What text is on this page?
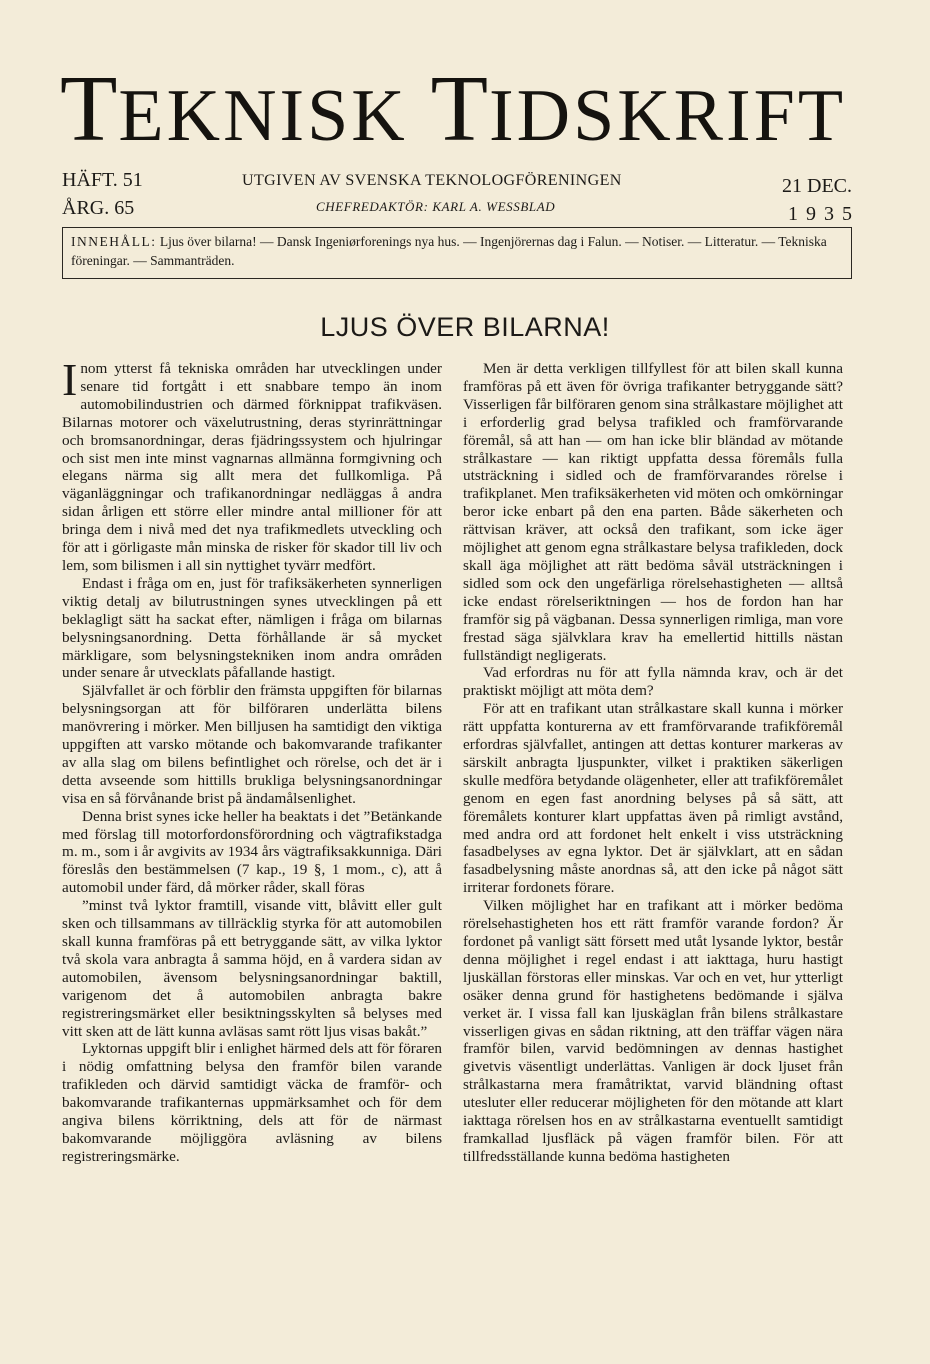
TEKNISK TIDSKRIFT
HÄFT. 51
ÅRG. 65
UTGIVEN AV SVENSKA TEKNOLOGFÖRENINGEN
CHEFREDAKTÖR: KARL A. WESSBLAD
21 DEC.
1935
INNEHÅLL: Ljus över bilarna! — Dansk Ingeniørforenings nya hus. — Ingenjörernas dag i Falun. — Notiser. — Litteratur. — Tekniska föreningar. — Sammanträden.
LJUS ÖVER BILARNA!

Inom ytterst få tekniska områden har utvecklingen under senare tid fortgått i ett snabbare tempo än inom automobilindustrien och därmed förknippat trafikväsen. Bilarnas motorer och växelutrustning, deras styrinrättningar och bromsanordningar, deras fjädringssystem och hjulringar och sist men inte minst vagnarnas allmänna formgivning och elegans närma sig allt mera det fullkomliga. På väganläggningar och trafikanordningar nedläggas å andra sidan årligen ett större eller mindre antal millioner för att bringa dem i nivå med det nya trafikmedlets utveckling och för att i görligaste mån minska de risker för skador till liv och lem, som bilismen i all sin nyttighet tyvärr medfört.

Endast i fråga om en, just för trafiksäkerheten synnerligen viktig detalj av bilutrustningen synes utvecklingen på ett beklagligt sätt ha sackat efter, nämligen i fråga om bilarnas belysningsanordning. Detta förhållande är så mycket märkligare, som belysningstekniken inom andra områden under senare år utvecklats påfallande hastigt.

Självfallet är och förblir den främsta uppgiften för bilarnas belysningsorgan att för bilföraren underlätta bilens manövrering i mörker. Men billjusen ha samtidigt den viktiga uppgiften att varsko mötande och bakomvarande trafikanter av alla slag om bilens befintlighet och rörelse, och det är i detta avseende som hittills brukliga belysningsanordningar visa en så förvånande brist på ändamålsenlighet.

Denna brist synes icke heller ha beaktats i det ”Betänkande med förslag till motorfordonsförordning och vägtrafikstadga m. m., som i år avgivits av 1934 års vägtrafiksakkunniga. Däri föreslås den bestämmelsen (7 kap., 19 §, 1 mom., c), att å automobil under färd, då mörker råder, skall föras

”minst två lyktor framtill, visande vitt, blåvitt eller gult sken och tillsammans av tillräcklig styrka för att automobilen skall kunna framföras på ett betryggande sätt, av vilka lyktor två skola vara anbragta å samma höjd, en å vardera sidan av automobilen, ävensom belysningsanordningar baktill, varigenom det å automobilen anbragta bakre registreringsmärket eller besiktningsskylten så belyses med vitt sken att de lätt kunna avläsas samt rött ljus visas bakåt.”

Lyktornas uppgift blir i enlighet härmed dels att för föraren i nödig omfattning belysa den framför bilen varande trafikleden och därvid samtidigt väcka de framför- och bakomvarande trafikanternas uppmärksamhet och för dem angiva bilens körriktning, dels att för de närmast bakomvarande möjliggöra avläsning av bilens registreringsmärke.

Men är detta verkligen tillfyllest för att bilen skall kunna framföras på ett även för övriga trafikanter betryggande sätt? Visserligen får bilföraren genom sina strålkastare möjlighet att i erforderlig grad belysa trafikled och framförvarande föremål, så att han — om han icke blir bländad av mötande strålkastare — kan riktigt uppfatta dessa föremåls fulla utsträckning i sidled och de framförvarandes rörelse i trafikplanet. Men trafiksäkerheten vid möten och omkörningar beror icke enbart på den ena parten. Både säkerheten och rättvisan kräver, att också den trafikant, som icke äger möjlighet att genom egna strålkastare belysa trafikleden, dock skall äga möjlighet att rätt bedöma såväl utsträckningen i sidled som ock den ungefärliga rörelsehastigheten — alltså icke endast rörelseriktningen — hos de fordon han har framför sig på vägbanan. Dessa synnerligen rimliga, man vore frestad säga självklara krav ha emellertid hittills nästan fullständigt negligerats.

Vad erfordras nu för att fylla nämnda krav, och är det praktiskt möjligt att möta dem?

För att en trafikant utan strålkastare skall kunna i mörker rätt uppfatta konturerna av ett framförvarande trafikföremål erfordras självfallet, antingen att dettas konturer markeras av särskilt anbragta ljuspunkter, vilket i praktiken säkerligen skulle medföra betydande olägenheter, eller att trafikföremålet genom en egen fast anordning belyses på så sätt, att föremålets konturer klart uppfattas även på rimligt avstånd, med andra ord att fordonet helt enkelt i viss utsträckning fasadbelyses av egna lyktor. Det är självklart, att en sådan fasadbelysning måste anordnas så, att den icke på något sätt irriterar fordonets förare.

Vilken möjlighet har en trafikant att i mörker bedöma rörelsehastigheten hos ett rätt framför varande fordon? Är fordonet på vanligt sätt försett med utåt lysande lyktor, består denna möjlighet i regel endast i att iakttaga, huru hastigt ljuskällan förstoras eller minskas. Var och en vet, hur ytterligt osäker denna grund för hastighetens bedömande i själva verket är. I vissa fall kan ljuskäglan från bilens strålkastare visserligen givas en sådan riktning, att den träffar vägen nära framför bilen, varvid bedömningen av dennas hastighet givetvis väsentligt underlättas. Vanligen är dock ljuset från strålkastarna mera framåtriktat, varvid bländning oftast utesluter eller reducerar möjligheten för den mötande att klart iakttaga rörelsen hos en av strålkastarna eventuellt samtidigt framkallad ljusfläck på vägen framför bilen. För att tillfredsställande kunna bedöma hastigheten
